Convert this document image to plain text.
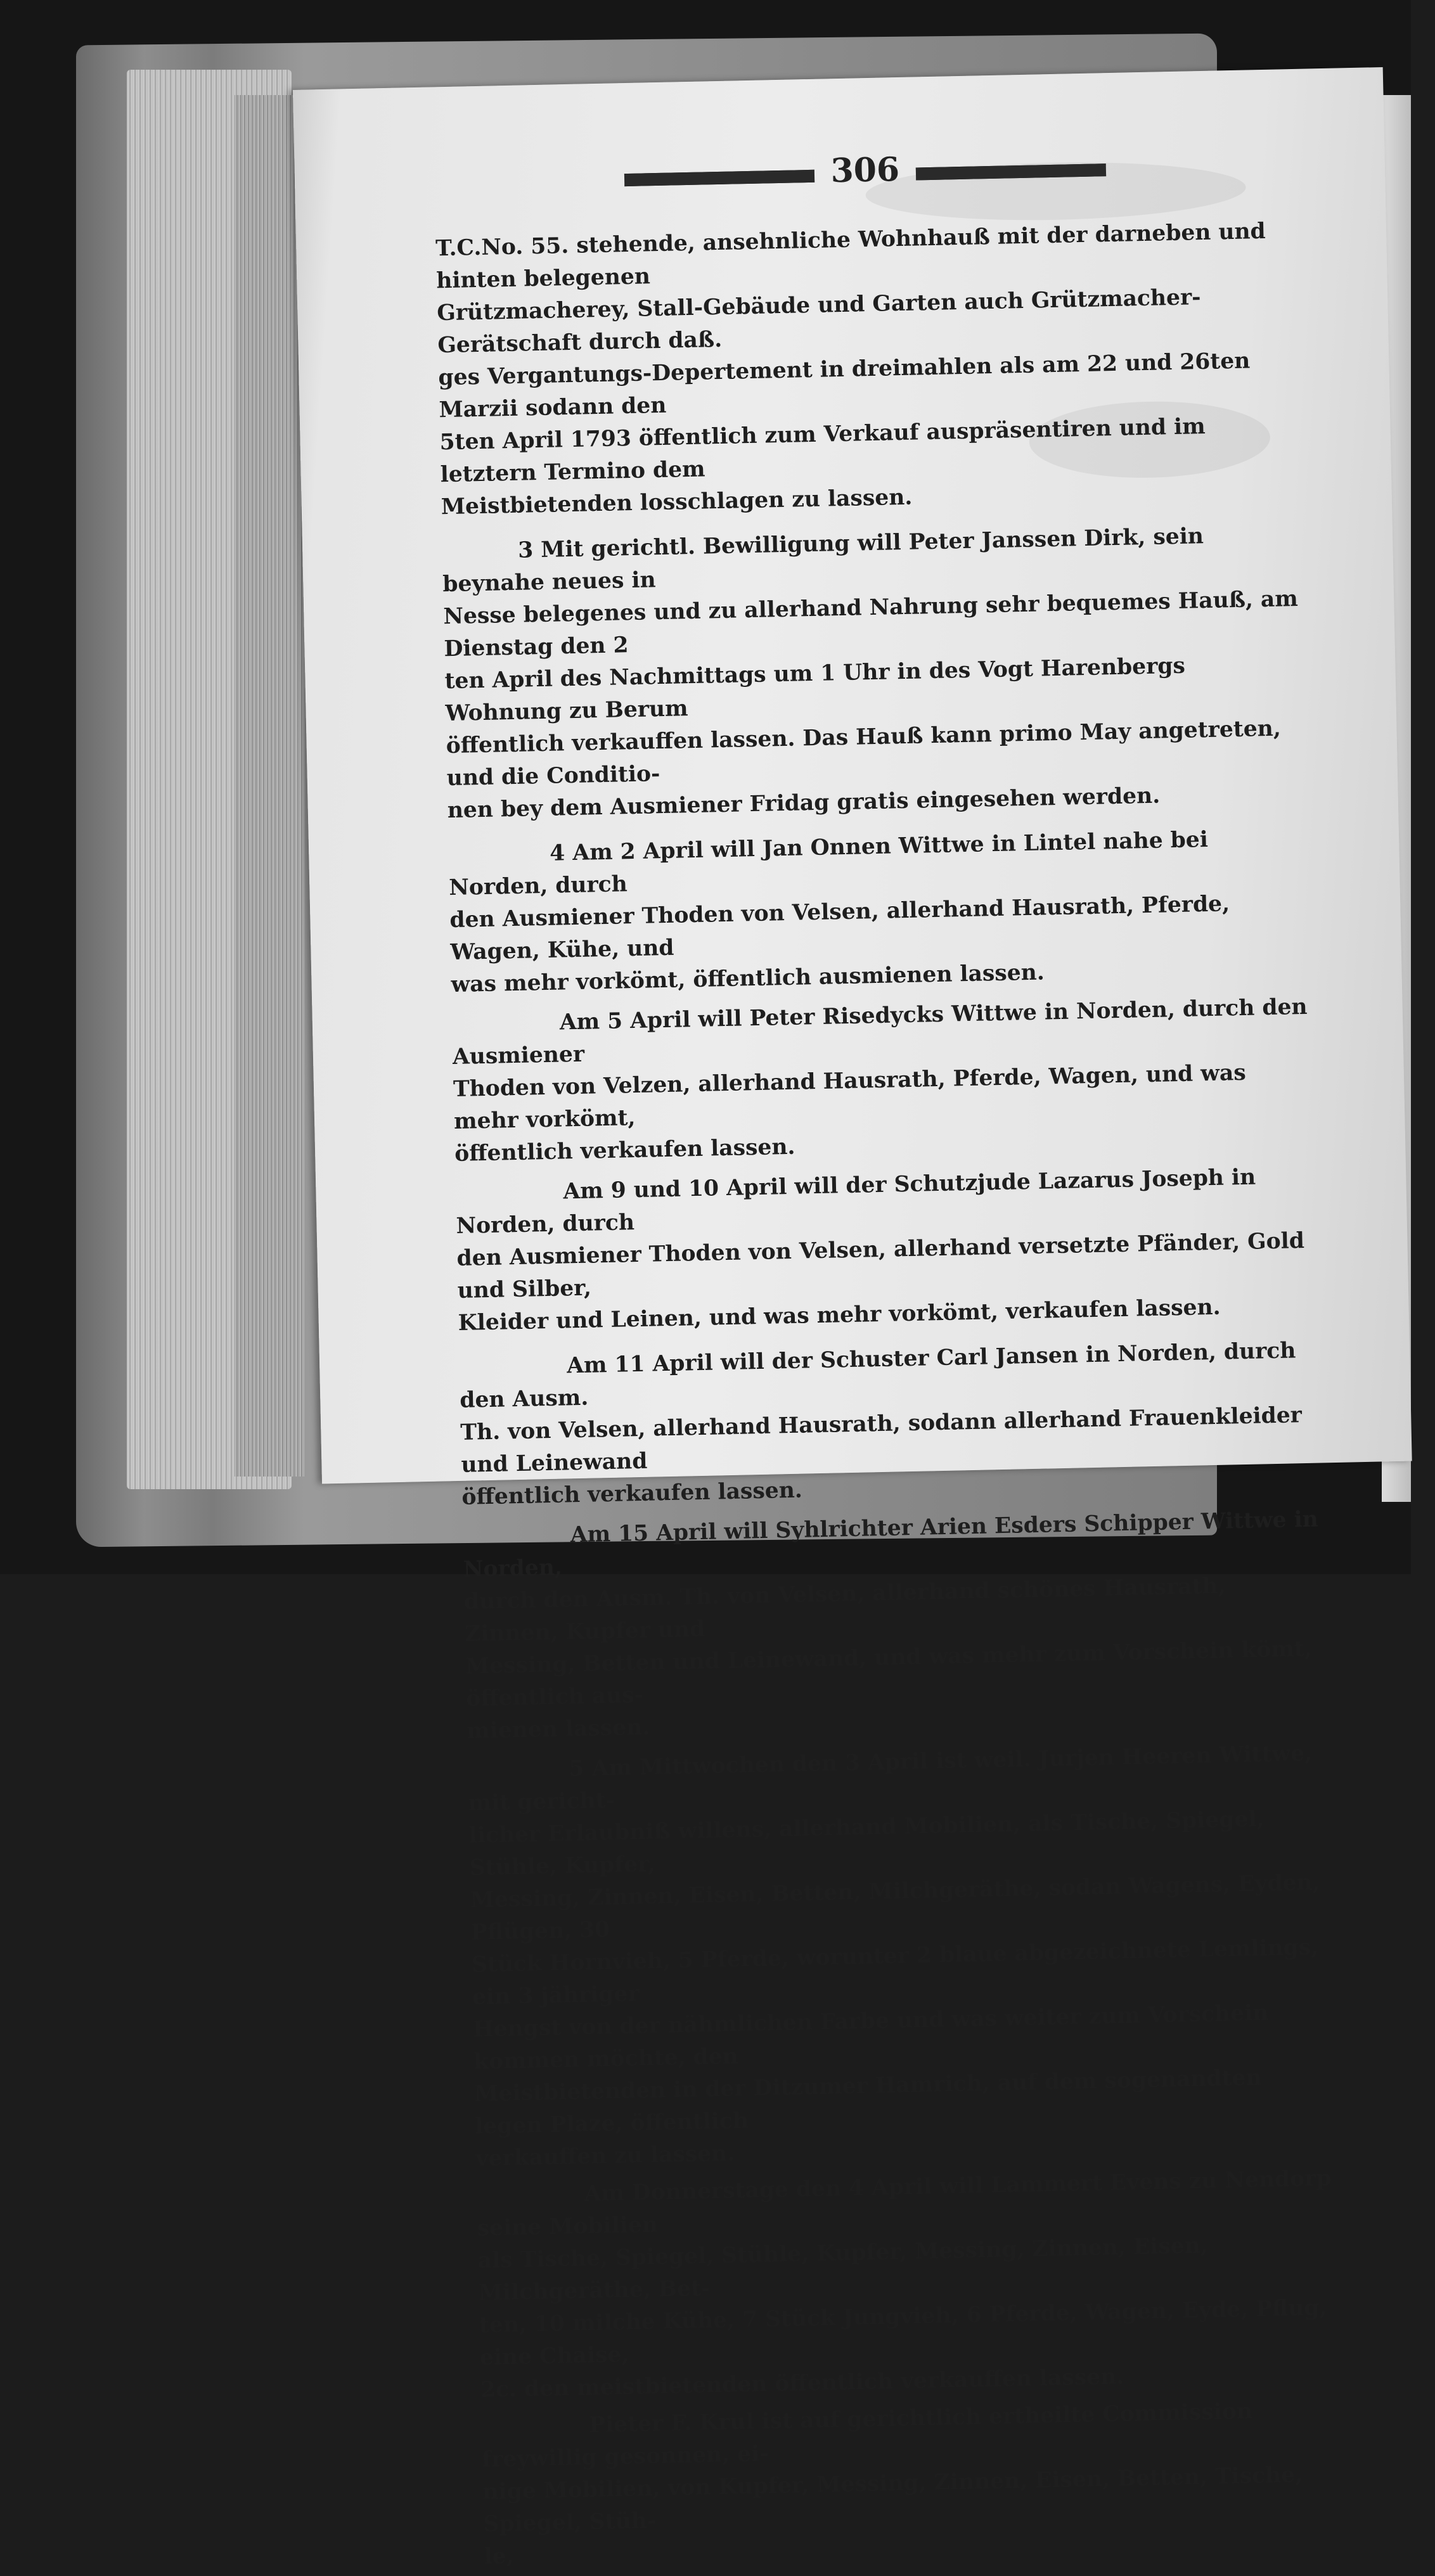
306

T.C.No. 55. stehende, ansehnliche Wohnhauß mit der darneben und hinten belegenen
Grützmacherey, Stall-Gebäude und Garten auch Grützmacher-Gerätschaft durch daß.
ges Vergantungs-Depertement in dreimahlen als am 22 und 26ten Marzii sodann den
5ten April 1793 öffentlich zum Verkauf auspräsentiren und im letztern Termino dem
Meistbietenden losschlagen zu lassen.

3 Mit gerichtl. Bewilligung will Peter Janssen Dirk, sein beynahe neues in
Nesse belegenes und zu allerhand Nahrung sehr bequemes Hauß, am Dienstag den 2
ten April des Nachmittags um 1 Uhr in des Vogt Harenbergs Wohnung zu Berum
öffentlich verkauffen lassen. Das Hauß kann primo May angetreten, und die Conditio-
nen bey dem Ausmiener Fridag gratis eingesehen werden.

4 Am 2 April will Jan Onnen Wittwe in Lintel nahe bei Norden, durch
den Ausmiener Thoden von Velsen, allerhand Hausrath, Pferde, Wagen, Kühe, und
was mehr vorkömt, öffentlich ausmienen lassen.

Am 5 April will Peter Risedycks Wittwe in Norden, durch den Ausmiener
Thoden von Velzen, allerhand Hausrath, Pferde, Wagen, und was mehr vorkömt,
öffentlich verkaufen lassen.

Am 9 und 10 April will der Schutzjude Lazarus Joseph in Norden, durch
den Ausmiener Thoden von Velsen, allerhand versetzte Pfänder, Gold und Silber,
Kleider und Leinen, und was mehr vorkömt, verkaufen lassen.

Am 11 April will der Schuster Carl Jansen in Norden, durch den Ausm.
Th. von Velsen, allerhand Hausrath, sodann allerhand Frauenkleider und Leinewand
öffentlich verkaufen lassen.

Am 15 April will Syhlrichter Arien Esders Schipper Wittwe in Norden,
durch den Ausm. Th. von Velsen, allerhand schönes Hausrath, Zinnen, Kupfer und
Messing, Betten und Leinewand, und was mehr zum Vorschein kömt, öffentlich aus-
mienen lassen.

5 Am Mittwochen den 3 April ist weil. Jurjen Heeren Wittwe, mit gericht-
licher Erlaubniß willens, allerhand Mobilien, als Tische, Spiegel, Stühle, Kupfer,
Messing, Zinnen, Eisen, Betten, Milchgeräthe, sodan Wagens, Eyden, Pflügen, 30
Stück Hornvieh, 5 Pferde, worunter 2 blaue abgezeichnete Lemlings, ein 3 jähriger
Hengst von der nähmlichen Farbe und was weiter zum Vorschein kommen möchte, den
Meistbietenden in der Ditzumer Hamrich, auf dem sogenandten legen Plaze, öffentlich
verkauffen zu lassen.

Am Donnerstage den 4 April will Lammert Evens zu Nendorp seine Mobilien
als Tische, Spiegel, Stühle, Kupfer, Messing, Zinnen, Eisen, Milchgeräthe, Bet-
ten, 10 milche Kühe, 7 Stück Jungvieh, 6 Pferde, Wagen, Eyde, Pflug, eine Chaise,
2c. den meistbietenden öffentlich verkauffen lassen.

Pieter F. Krul ist auf gerichtlich ertheilte Commission freywillig gesonnen, ei-
nige Mobilien, von Kupfer, Messing, Zinnen, Eisen, Betten, Tische, Spiegel, Stüh-
le,
